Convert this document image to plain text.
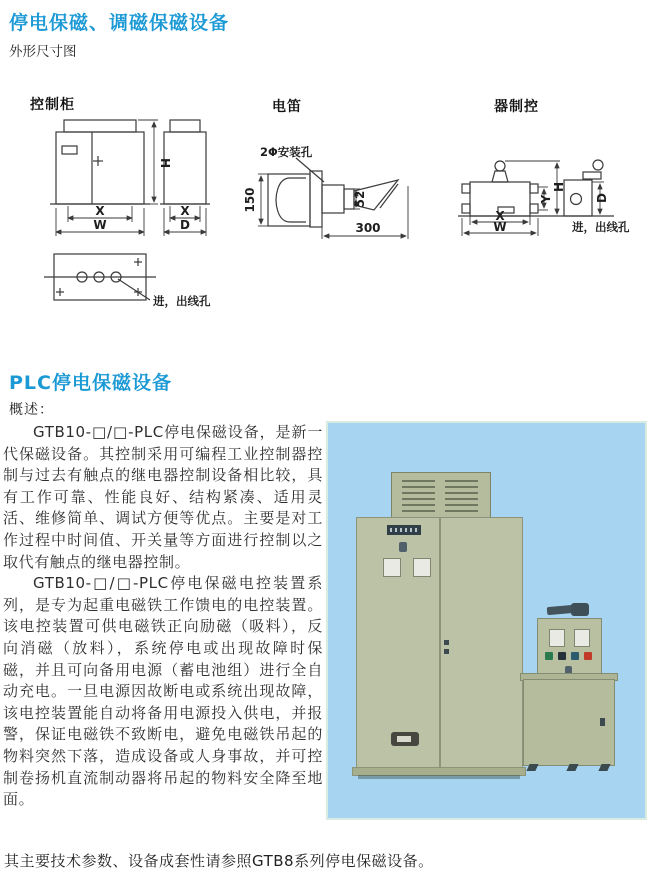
停电保磁、调磁保磁设备
外形尺寸图
控制柜	电笛	器制控
H
X
W
X
D
进，出线孔
2Φ安装孔
150	52
300
Y
H
X
W
D
进，出线孔
PLC停电保磁设备
概述：

GTB10-□/□-PLC停电保磁设备，是新一代保磁设备。其控制采用可编程工业控制器控制与过去有触点的继电器控制设备相比较，具有工作可靠、性能良好、结构紧凑、适用灵活、维修简单、调试方便等优点。主要是对工作过程中时间值、开关量等方面进行控制以之取代有触点的继电器控制。

GTB10-□/□-PLC停电保磁电控装置系列，是专为起重电磁铁工作馈电的电控装置。该电控装置可供电磁铁正向励磁（吸料），反向消磁（放料），系统停电或出现故障时保磁，并且可向备用电源（蓄电池组）进行全自动充电。一旦电源因故断电或系统出现故障，该电控装置能自动将备用电源投入供电，并报警，保证电磁铁不致断电，避免电磁铁吊起的物料突然下落，造成设备或人身事故，并可控制卷扬机直流制动器将吊起的物料安全降至地面。

其主要技术参数、设备成套性请参照GTB8系列停电保磁设备。
